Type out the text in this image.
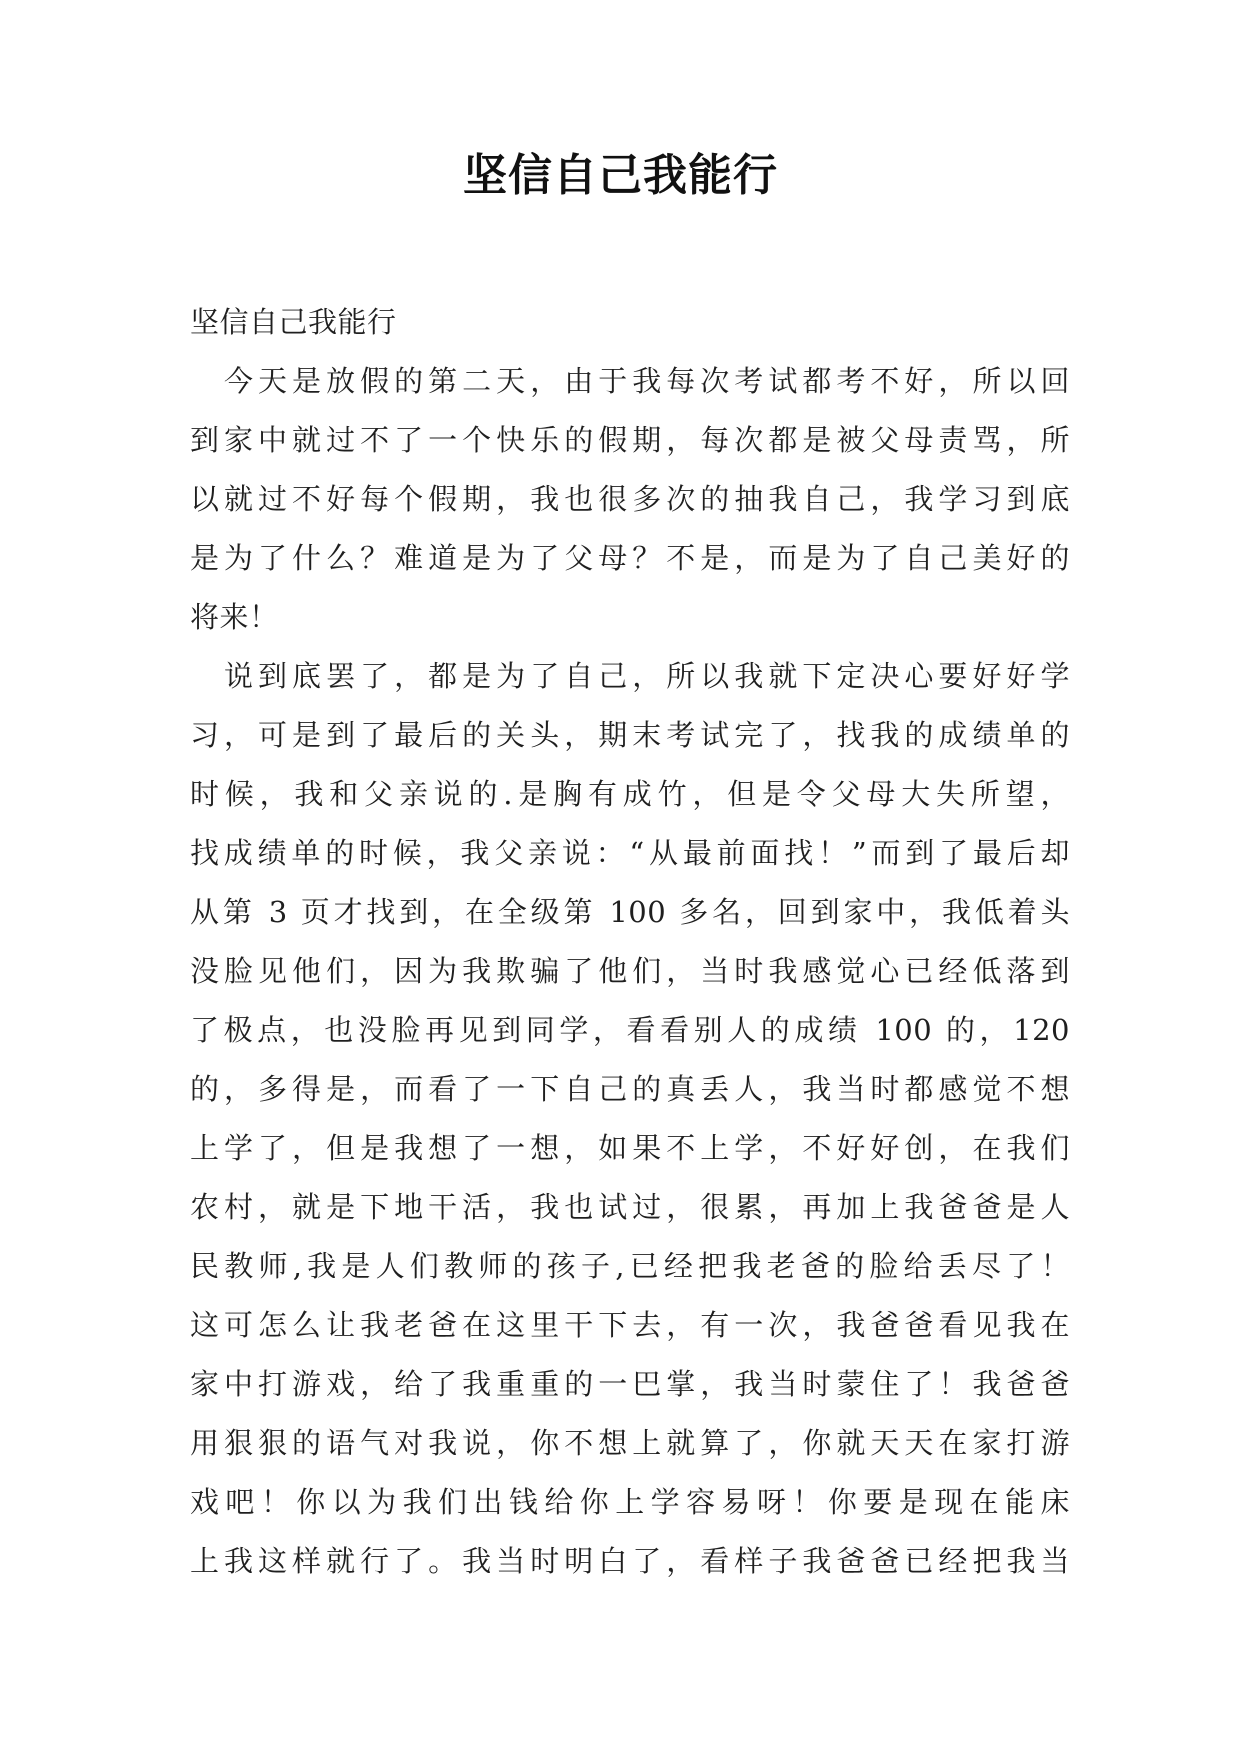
坚信自己我能行
坚信自己我能行
　今天是放假的第二天，由于我每次考试都考不好，所以回
到家中就过不了一个快乐的假期，每次都是被父母责骂，所
以就过不好每个假期，我也很多次的抽我自己，我学习到底
是为了什么？难道是为了父母？不是，而是为了自己美好的
将来！
　说到底罢了，都是为了自己，所以我就下定决心要好好学
习，可是到了最后的关头，期末考试完了，找我的成绩单的
时候，我和父亲说的.是胸有成竹，但是令父母大失所望，
找成绩单的时候，我父亲说：“从最前面找！”而到了最后却
从第 3 页才找到，在全级第 100 多名，回到家中，我低着头
没脸见他们，因为我欺骗了他们，当时我感觉心已经低落到
了极点，也没脸再见到同学，看看别人的成绩 100 的，120
的，多得是，而看了一下自己的真丢人，我当时都感觉不想
上学了，但是我想了一想，如果不上学，不好好创，在我们
农村，就是下地干活，我也试过，很累，再加上我爸爸是人
民教师,我是人们教师的孩子,已经把我老爸的脸给丢尽了！
这可怎么让我老爸在这里干下去，有一次，我爸爸看见我在
家中打游戏，给了我重重的一巴掌，我当时蒙住了！我爸爸
用狠狠的语气对我说，你不想上就算了，你就天天在家打游
戏吧！你以为我们出钱给你上学容易呀！你要是现在能床
上我这样就行了。我当时明白了，看样子我爸爸已经把我当
